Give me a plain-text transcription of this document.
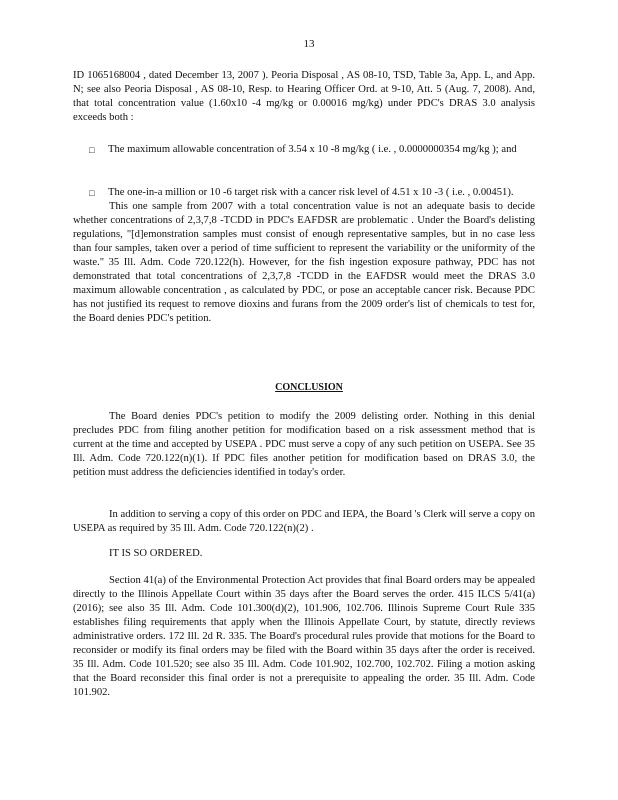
13

ID 1065168004 , dated December 13, 2007 ). Peoria Disposal , AS 08-10, TSD, Table 3a, App. L, and App. N; see also Peoria Disposal , AS 08-10, Resp. to Hearing Officer Ord. at 9-10, Att. 5 (Aug. 7, 2008). And, that total concentration value (1.60x10 -4 mg/kg or 0.00016 mg/kg) under PDC's DRAS 3.0 analysis exceeds both :

□ The maximum allowable concentration of 3.54 x 10 -8 mg/kg ( i.e. , 0.0000000354 mg/kg ); and
□ The one-in-a million or 10 -6 target risk with a cancer risk level of 4.51 x 10 -3 ( i.e. , 0.00451).

This one sample from 2007 with a total concentration value is not an adequate basis to decide whether concentrations of 2,3,7,8 -TCDD in PDC's EAFDSR are problematic . Under the Board's delisting regulations, "[d]emonstration samples must consist of enough representative samples, but in no case less than four samples, taken over a period of time sufficient to represent the variability or the uniformity of the waste." 35 Ill. Adm. Code 720.122(h). However, for the fish ingestion exposure pathway, PDC has not demonstrated that total concentrations of 2,3,7,8 -TCDD in the EAFDSR would meet the DRAS 3.0 maximum allowable concentration , as calculated by PDC, or pose an acceptable cancer risk. Because PDC has not justified its request to remove dioxins and furans from the 2009 order's list of chemicals to test for, the Board denies PDC's petition.

CONCLUSION

The Board denies PDC's petition to modify the 2009 delisting order. Nothing in this denial precludes PDC from filing another petition for modification based on a risk assessment method that is current at the time and accepted by USEPA . PDC must serve a copy of any such petition on USEPA. See 35 Ill. Adm. Code 720.122(n)(1). If PDC files another petition for modification based on DRAS 3.0, the petition must address the deficiencies identified in today's order.

In addition to serving a copy of this order on PDC and IEPA, the Board 's Clerk will serve a copy on USEPA as required by 35 Ill. Adm. Code 720.122(n)(2) .

IT IS SO ORDERED.

Section 41(a) of the Environmental Protection Act provides that final Board orders may be appealed directly to the Illinois Appellate Court within 35 days after the Board serves the order. 415 ILCS 5/41(a) (2016); see also 35 Ill. Adm. Code 101.300(d)(2), 101.906, 102.706. Illinois Supreme Court Rule 335 establishes filing requirements that apply when the Illinois Appellate Court, by statute, directly reviews administrative orders. 172 Ill. 2d R. 335. The Board's procedural rules provide that motions for the Board to reconsider or modify its final orders may be filed with the Board within 35 days after the order is received. 35 Ill. Adm. Code 101.520; see also 35 Ill. Adm. Code 101.902, 102.700, 102.702. Filing a motion asking that the Board reconsider this final order is not a prerequisite to appealing the order. 35 Ill. Adm. Code 101.902.
